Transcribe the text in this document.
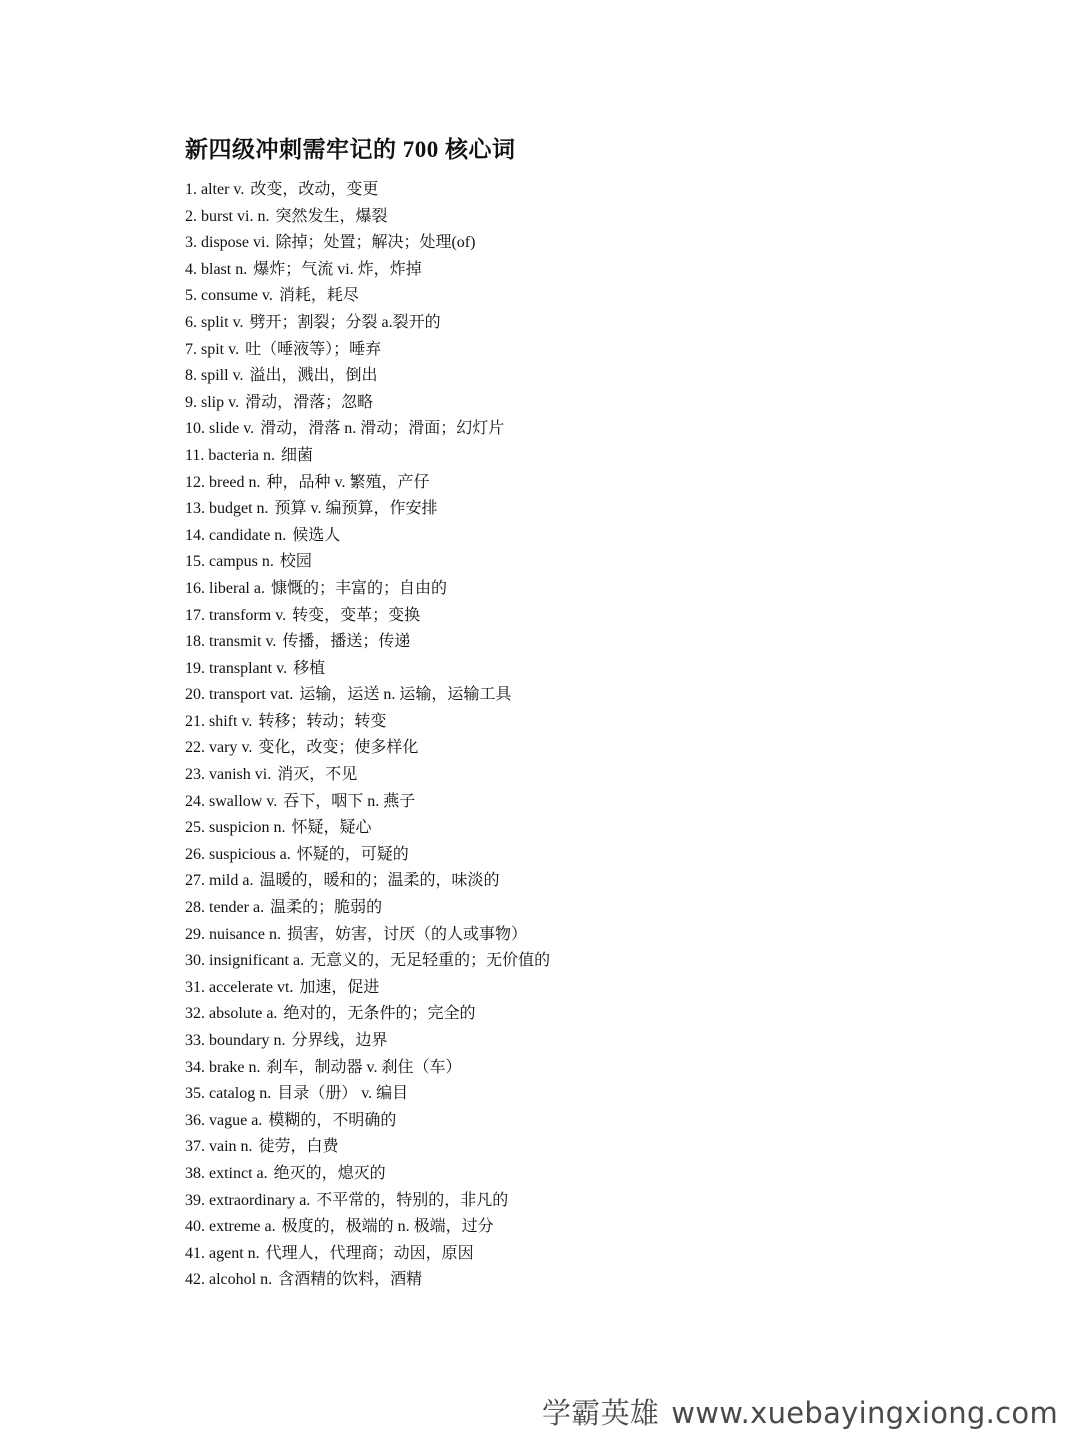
新四级冲刺需牢记的 700 核心词
1 . alter v. 改变，改动，变更
2 . burst vi. n. 突然发生，爆裂
3 . dispose vi. 除掉；处置；解决；处理(of)
4 . blast n. 爆炸；气流 vi. 炸，炸掉
5 . consume v. 消耗，耗尽
6 . split v. 劈开；割裂；分裂 a.裂开的
7 . spit v. 吐（唾液等）；唾弃
8 . spill v. 溢出，溅出，倒出
9 . slip v. 滑动，滑落；忽略
10 . slide v. 滑动，滑落 n. 滑动；滑面；幻灯片
11 . bacteria n. 细菌
12 . breed n. 种，品种 v. 繁殖，产仔
13 . budget n. 预算 v. 编预算，作安排
14 . candidate n. 候选人
15 . campus n. 校园
16 . liberal a. 慷慨的；丰富的；自由的
17 . transform v. 转变，变革；变换
18 . transmit v. 传播，播送；传递
19 . transplant v. 移植
20 . transport vat. 运输，运送 n. 运输，运输工具
21 . shift v. 转移；转动；转变
22 . vary v. 变化，改变；使多样化
23 . vanish vi. 消灭，不见
24 . swallow v. 吞下，咽下 n. 燕子
25 . suspicion n. 怀疑，疑心
26 . suspicious a. 怀疑的，可疑的
27 . mild a. 温暖的，暖和的；温柔的，味淡的
28 . tender a. 温柔的；脆弱的
29 . nuisance n. 损害，妨害，讨厌（的人或事物）
30 . insignificant a. 无意义的，无足轻重的；无价值的
31 . accelerate vt. 加速，促进
32 . absolute a. 绝对的，无条件的；完全的
33 . boundary n. 分界线，边界
34 . brake n. 刹车，制动器 v. 刹住（车）
35 . catalog n. 目录（册） v. 编目
36 . vague a. 模糊的，不明确的
37 . vain n. 徒劳，白费
38 . extinct a. 绝灭的，熄灭的
39 . extraordinary a. 不平常的，特别的，非凡的
40 . extreme a. 极度的，极端的 n. 极端，过分
41 . agent n. 代理人，代理商；动因，原因
42 . alcohol n. 含酒精的饮料，酒精
学霸英雄 www.xuebayingxiong.com
